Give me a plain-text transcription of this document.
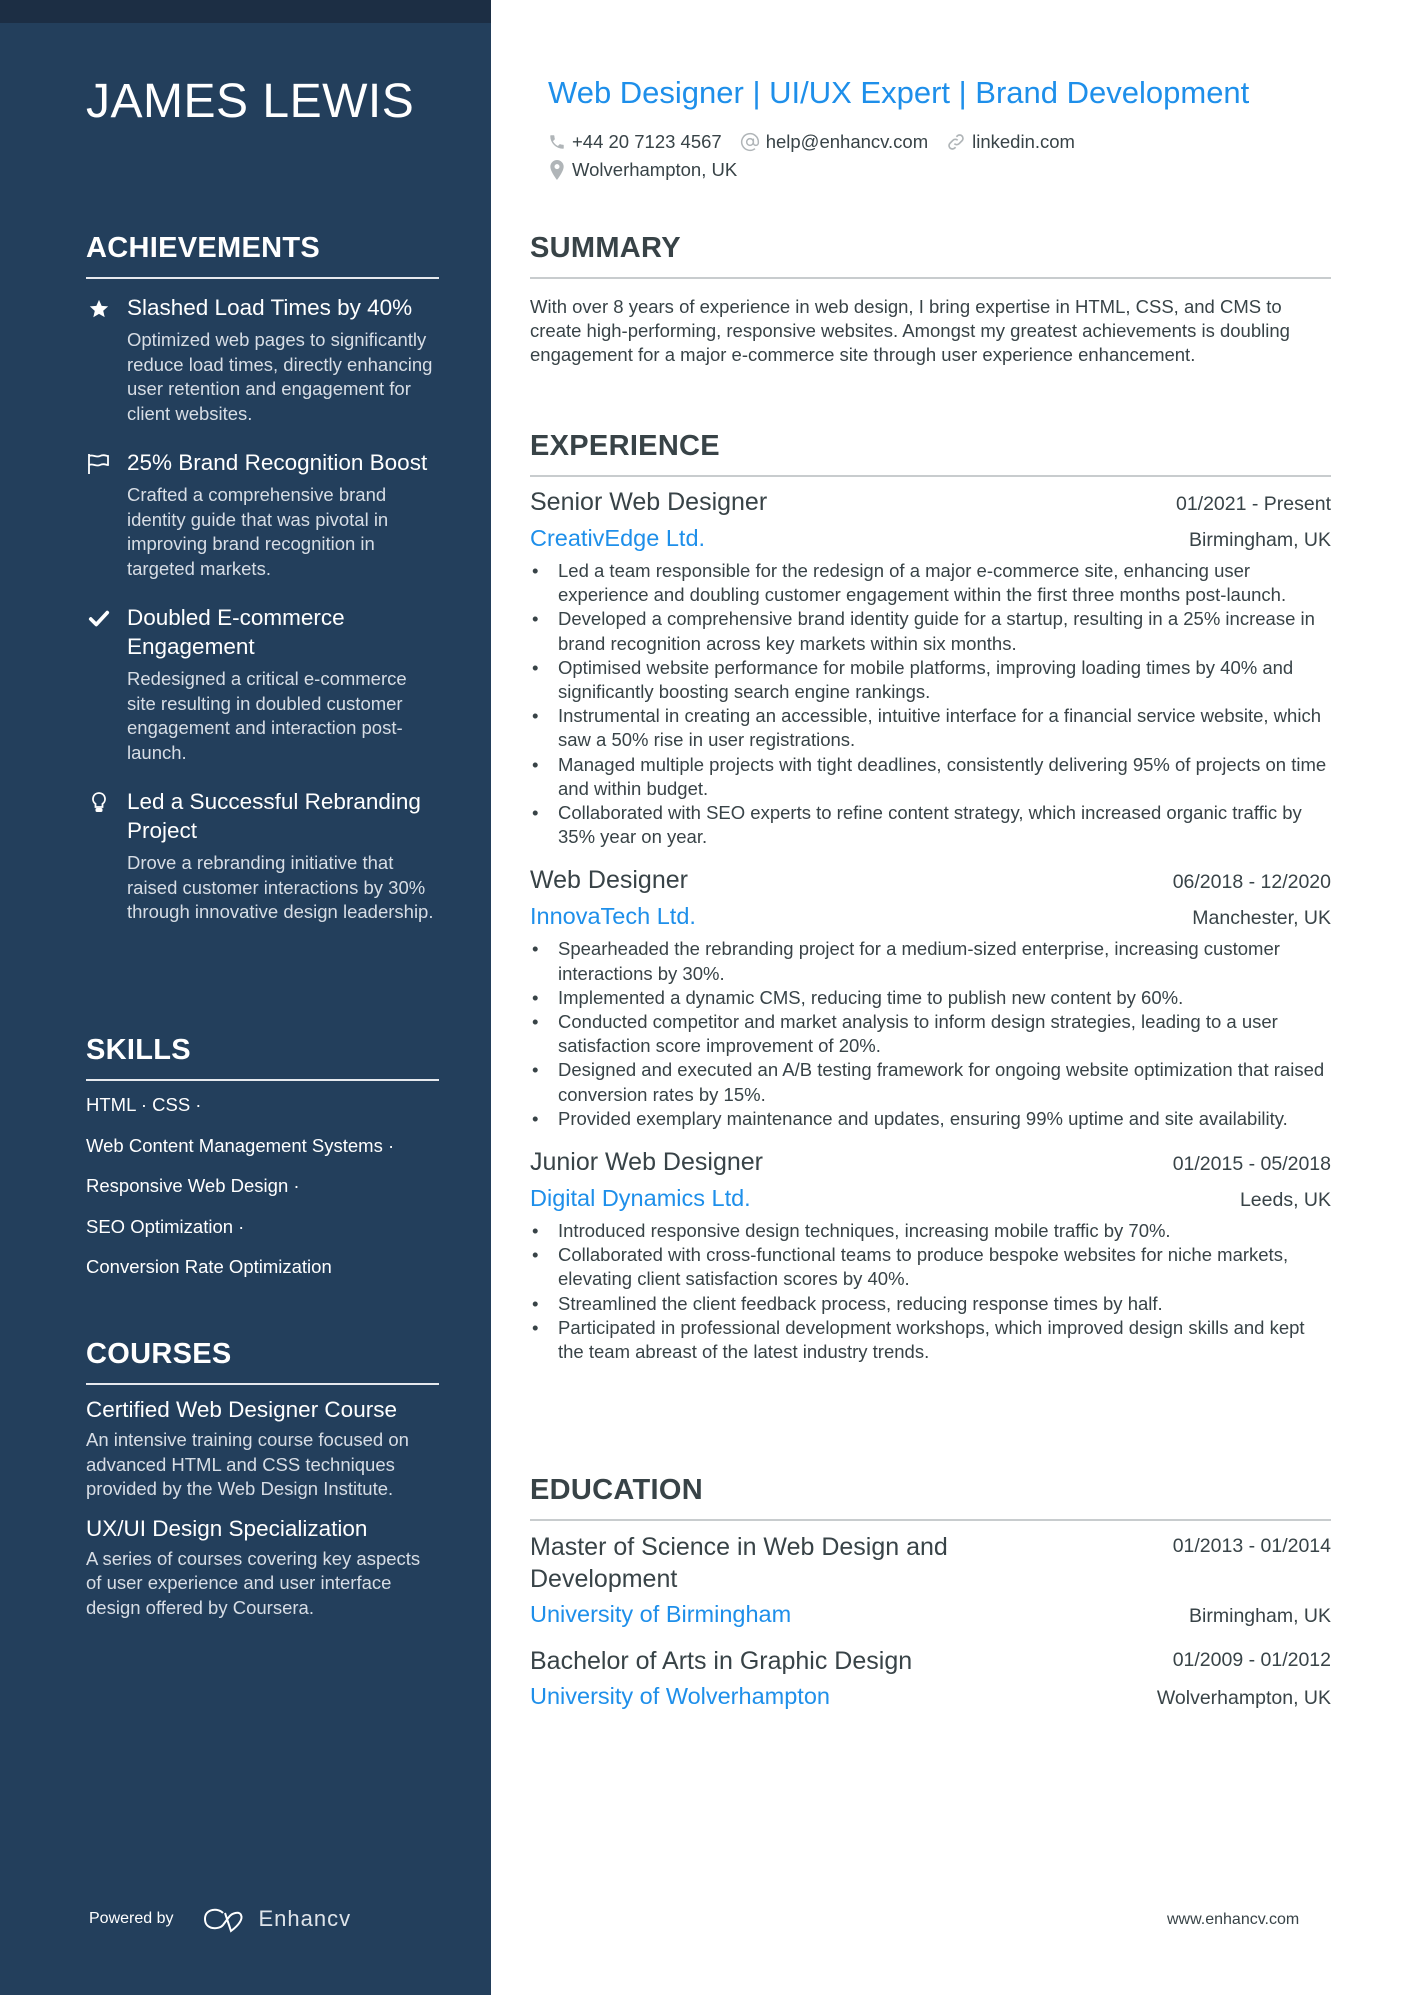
JAMES LEWIS
ACHIEVEMENTS
Slashed Load Times by 40%
Optimized web pages to significantly reduce load times, directly enhancing user retention and engagement for client websites.
25% Brand Recognition Boost
Crafted a comprehensive brand identity guide that was pivotal in improving brand recognition in targeted markets.
Doubled E-commerce Engagement
Redesigned a critical e-commerce site resulting in doubled customer engagement and interaction post-launch.
Led a Successful Rebranding Project
Drove a rebranding initiative that raised customer interactions by 30% through innovative design leadership.
SKILLS
HTML · CSS ·
Web Content Management Systems ·
Responsive Web Design ·
SEO Optimization ·
Conversion Rate Optimization
COURSES
Certified Web Designer Course
An intensive training course focused on advanced HTML and CSS techniques provided by the Web Design Institute.
UX/UI Design Specialization
A series of courses covering key aspects of user experience and user interface design offered by Coursera.
Powered by	Enhancv
Web Designer | UI/UX Expert | Brand Development
+44 20 7123 4567 help@enhancv.com linkedin.com
Wolverhampton, UK
SUMMARY

With over 8 years of experience in web design, I bring expertise in HTML, CSS, and CMS to create high-performing, responsive websites. Amongst my greatest achievements is doubling engagement for a major e-commerce site through user experience enhancement.

EXPERIENCE
Senior Web Designer	01/2021 - Present
CreativEdge Ltd.	Birmingham, UK
• Led a team responsible for the redesign of a major e-commerce site, enhancing user experience and doubling customer engagement within the first three months post-launch.
• Developed a comprehensive brand identity guide for a startup, resulting in a 25% increase in brand recognition across key markets within six months.
• Optimised website performance for mobile platforms, improving loading times by 40% and significantly boosting search engine rankings.
• Instrumental in creating an accessible, intuitive interface for a financial service website, which saw a 50% rise in user registrations.
• Managed multiple projects with tight deadlines, consistently delivering 95% of projects on time and within budget.
• Collaborated with SEO experts to refine content strategy, which increased organic traffic by 35% year on year.
Web Designer	06/2018 - 12/2020
InnovaTech Ltd.	Manchester, UK
• Spearheaded the rebranding project for a medium-sized enterprise, increasing customer interactions by 30%.
• Implemented a dynamic CMS, reducing time to publish new content by 60%.
• Conducted competitor and market analysis to inform design strategies, leading to a user satisfaction score improvement of 20%.
• Designed and executed an A/B testing framework for ongoing website optimization that raised conversion rates by 15%.
• Provided exemplary maintenance and updates, ensuring 99% uptime and site availability.
Junior Web Designer	01/2015 - 05/2018
Digital Dynamics Ltd.	Leeds, UK
• Introduced responsive design techniques, increasing mobile traffic by 70%.
• Collaborated with cross-functional teams to produce bespoke websites for niche markets, elevating client satisfaction scores by 40%.
• Streamlined the client feedback process, reducing response times by half.
• Participated in professional development workshops, which improved design skills and kept the team abreast of the latest industry trends.
EDUCATION
Master of Science in Web Design and Development
01/2013 - 01/2014
University of Birmingham	Birmingham, UK
Bachelor of Arts in Graphic Design	01/2009 - 01/2012
University of Wolverhampton	Wolverhampton, UK
www.enhancv.com
